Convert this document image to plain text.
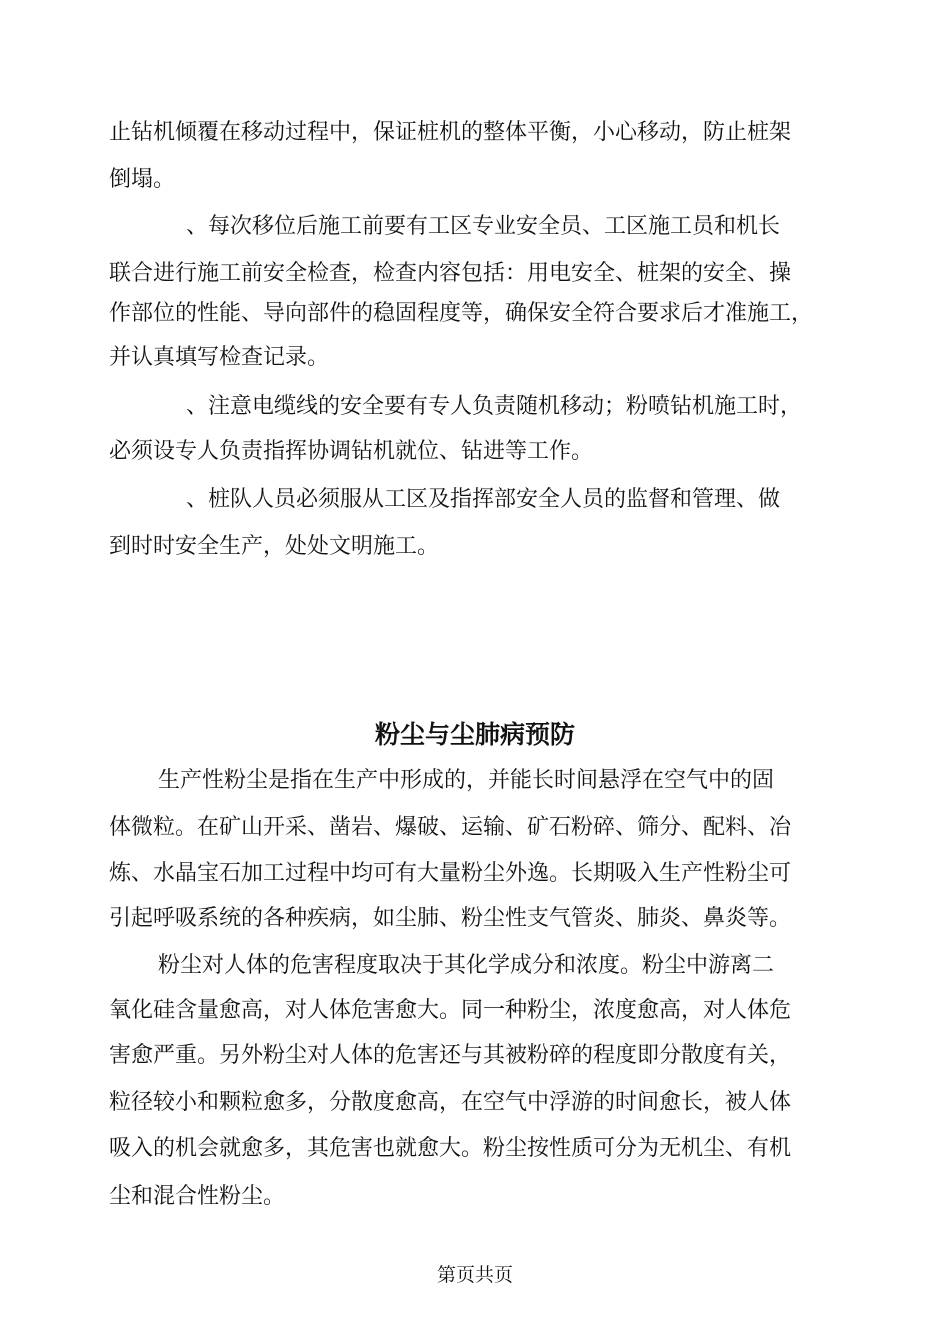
止钻机倾覆在移动过程中，保证桩机的整体平衡，小心移动，防止桩架

倒塌。

、每次移位后施工前要有工区专业安全员、工区施工员和机长

联合进行施工前安全检查，检查内容包括：用电安全、桩架的安全、操

作部位的性能、导向部件的稳固程度等，确保安全符合要求后才准施工，

并认真填写检查记录。

、注意电缆线的安全要有专人负责随机移动；粉喷钻机施工时，

必须设专人负责指挥协调钻机就位、钻进等工作。

、桩队人员必须服从工区及指挥部安全人员的监督和管理、做

到时时安全生产，处处文明施工。

粉尘与尘肺病预防

生产性粉尘是指在生产中形成的，并能长时间悬浮在空气中的固

体微粒。在矿山开采、凿岩、爆破、运输、矿石粉碎、筛分、配料、冶

炼、水晶宝石加工过程中均可有大量粉尘外逸。长期吸入生产性粉尘可

引起呼吸系统的各种疾病，如尘肺、粉尘性支气管炎、肺炎、鼻炎等。

粉尘对人体的危害程度取决于其化学成分和浓度。粉尘中游离二

氧化硅含量愈高，对人体危害愈大。同一种粉尘，浓度愈高，对人体危

害愈严重。另外粉尘对人体的危害还与其被粉碎的程度即分散度有关，

粒径较小和颗粒愈多，分散度愈高，在空气中浮游的时间愈长，被人体

吸入的机会就愈多，其危害也就愈大。粉尘按性质可分为无机尘、有机

尘和混合性粉尘。

第页共页
